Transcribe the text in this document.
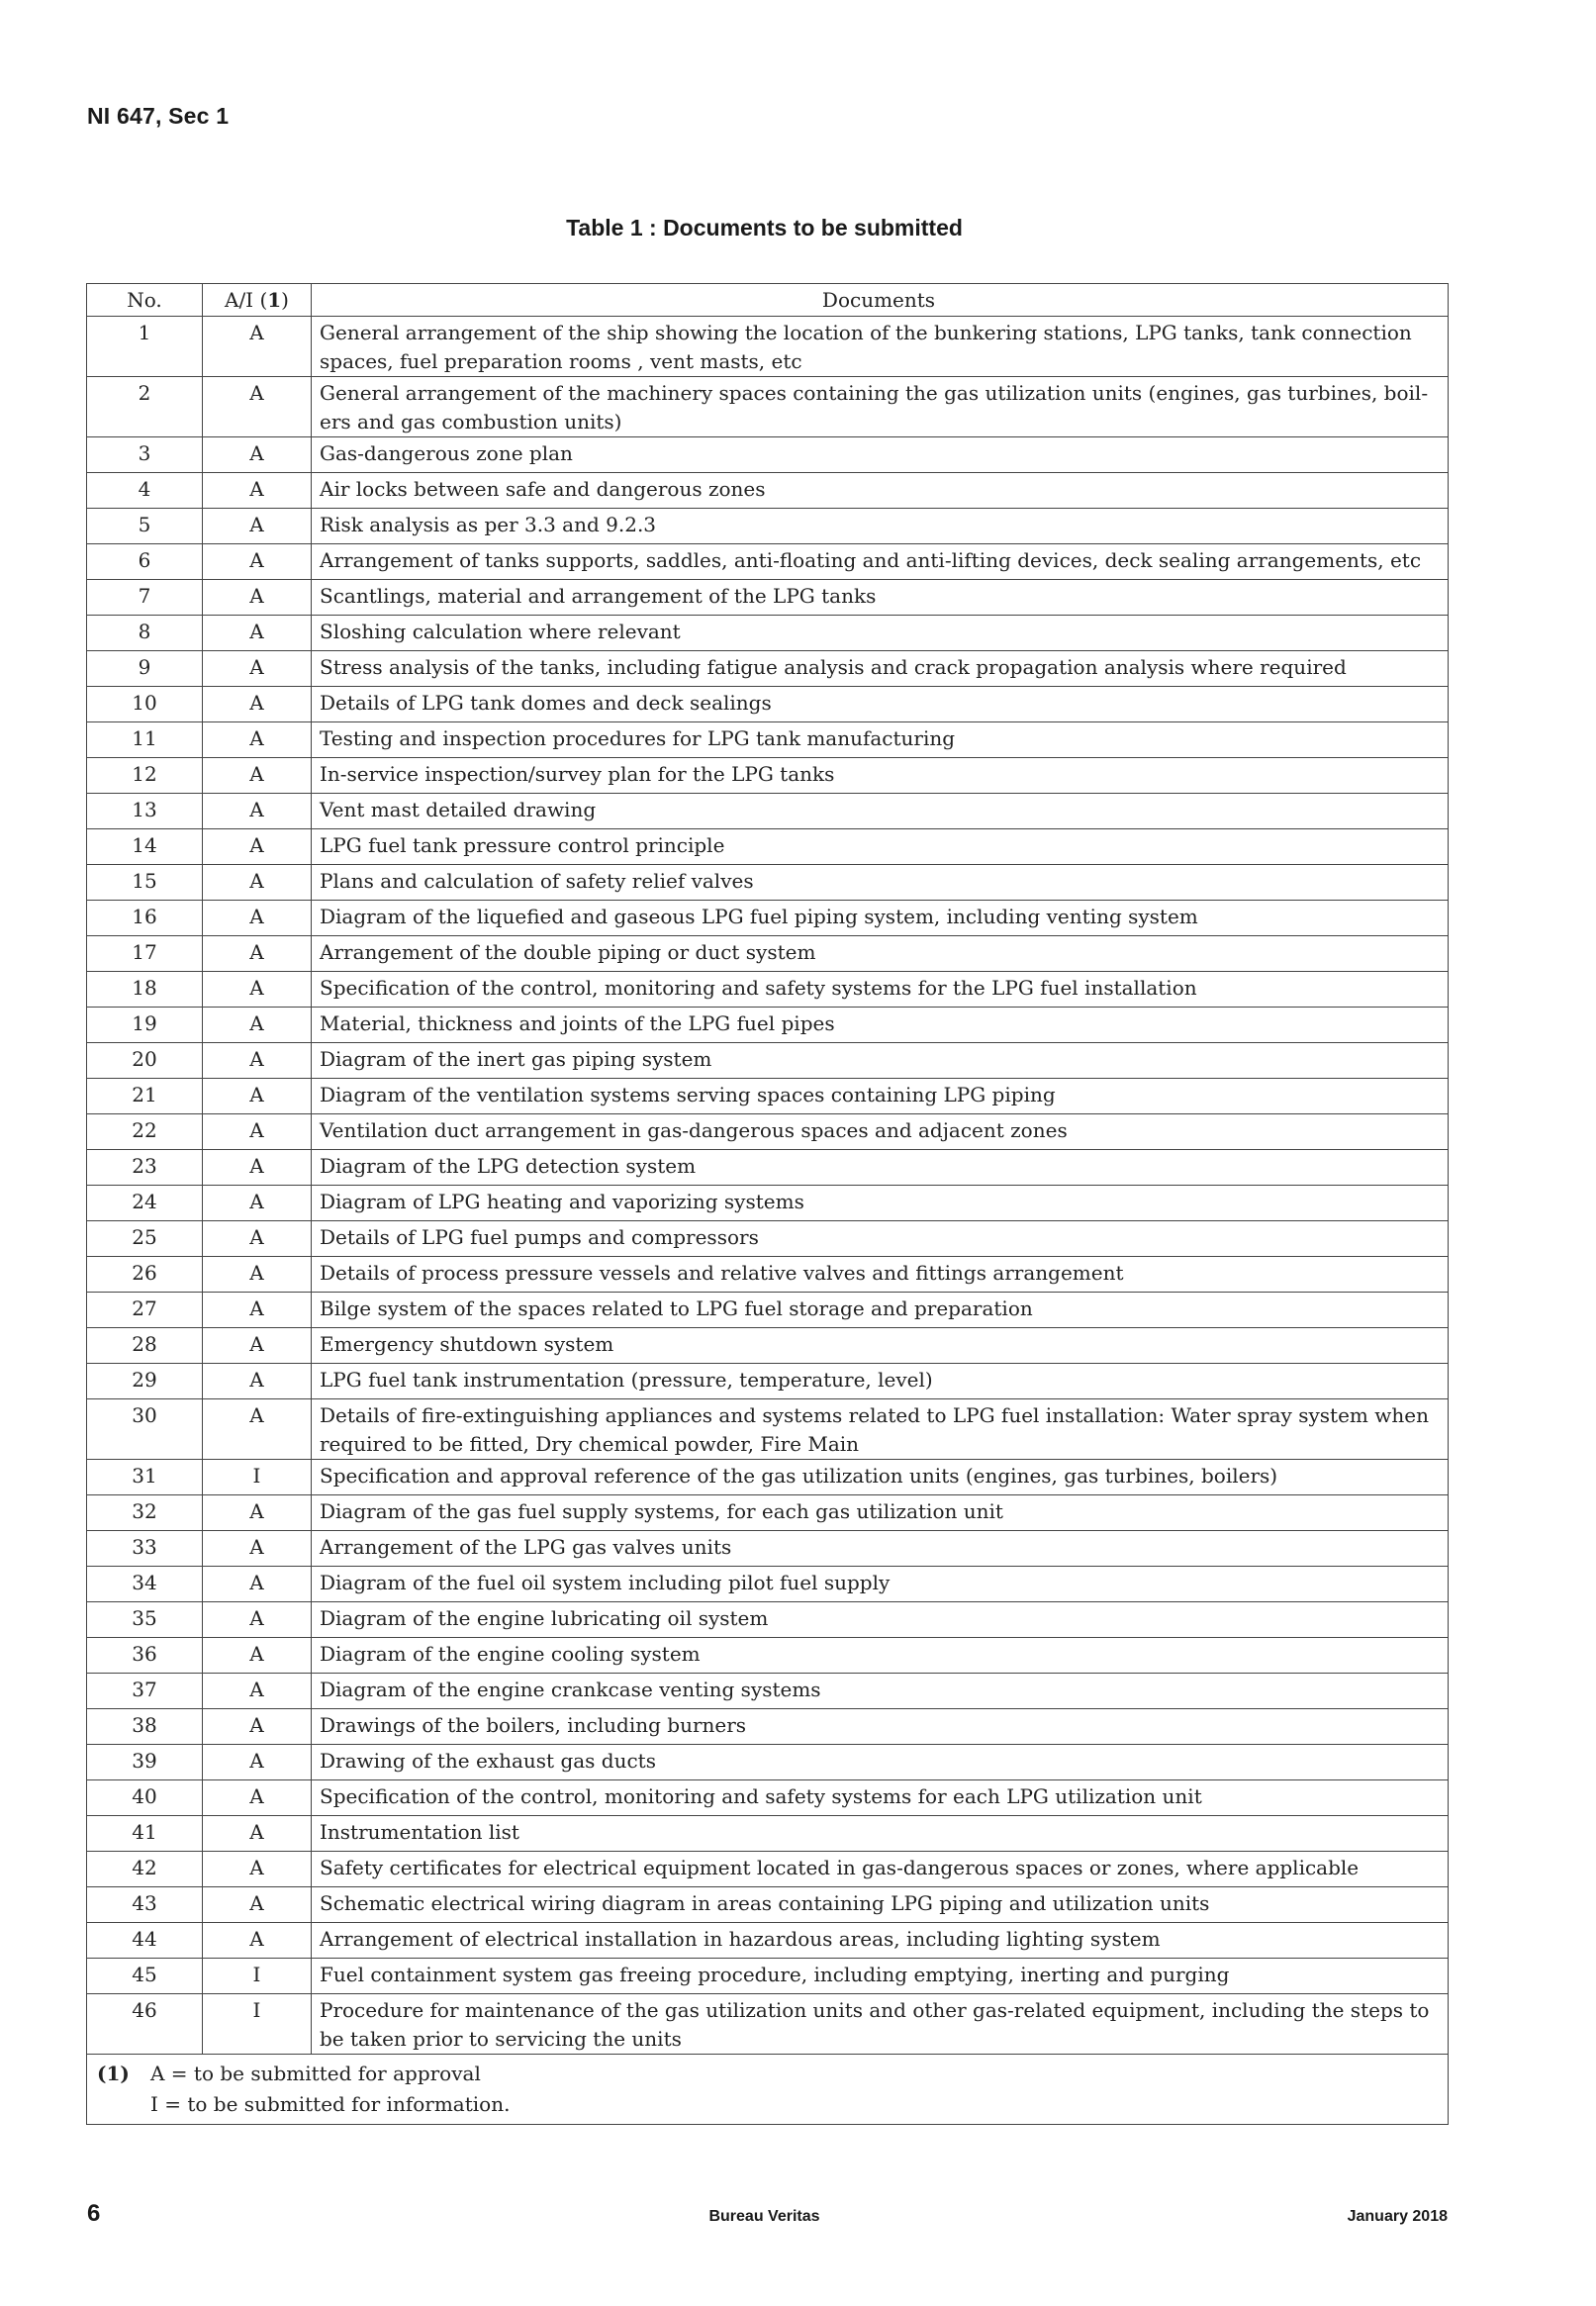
NI 647, Sec 1
Table 1 : Documents to be submitted
No.	A/I (1)	Documents
1	A	General arrangement of the ship showing the location of the bunkering stations, LPG tanks, tank connection spaces, fuel preparation rooms , vent masts, etc
2	A	General arrangement of the machinery spaces containing the gas utilization units (engines, gas turbines, boil-ers and gas combustion units)
3	A	Gas-dangerous zone plan
4	A	Air locks between safe and dangerous zones
5	A	Risk analysis as per 3.3 and 9.2.3
6	A	Arrangement of tanks supports, saddles, anti-floating and anti-lifting devices, deck sealing arrangements, etc
7	A	Scantlings, material and arrangement of the LPG tanks
8	A	Sloshing calculation where relevant
9	A	Stress analysis of the tanks, including fatigue analysis and crack propagation analysis where required
10	A	Details of LPG tank domes and deck sealings
11	A	Testing and inspection procedures for LPG tank manufacturing
12	A	In-service inspection/survey plan for the LPG tanks
13	A	Vent mast detailed drawing
14	A	LPG fuel tank pressure control principle
15	A	Plans and calculation of safety relief valves
16	A	Diagram of the liquefied and gaseous LPG fuel piping system, including venting system
17	A	Arrangement of the double piping or duct system
18	A	Specification of the control, monitoring and safety systems for the LPG fuel installation
19	A	Material, thickness and joints of the LPG fuel pipes
20	A	Diagram of the inert gas piping system
21	A	Diagram of the ventilation systems serving spaces containing LPG piping
22	A	Ventilation duct arrangement in gas-dangerous spaces and adjacent zones
23	A	Diagram of the LPG detection system
24	A	Diagram of LPG heating and vaporizing systems
25	A	Details of LPG fuel pumps and compressors
26	A	Details of process pressure vessels and relative valves and fittings arrangement
27	A	Bilge system of the spaces related to LPG fuel storage and preparation
28	A	Emergency shutdown system
29	A	LPG fuel tank instrumentation (pressure, temperature, level)
30	A	Details of fire-extinguishing appliances and systems related to LPG fuel installation: Water spray system when required to be fitted, Dry chemical powder, Fire Main
31	I	Specification and approval reference of the gas utilization units (engines, gas turbines, boilers)
32	A	Diagram of the gas fuel supply systems, for each gas utilization unit
33	A	Arrangement of the LPG gas valves units
34	A	Diagram of the fuel oil system including pilot fuel supply
35	A	Diagram of the engine lubricating oil system
36	A	Diagram of the engine cooling system
37	A	Diagram of the engine crankcase venting systems
38	A	Drawings of the boilers, including burners
39	A	Drawing of the exhaust gas ducts
40	A	Specification of the control, monitoring and safety systems for each LPG utilization unit
41	A	Instrumentation list
42	A	Safety certificates for electrical equipment located in gas-dangerous spaces or zones, where applicable
43	A	Schematic electrical wiring diagram in areas containing LPG piping and utilization units
44	A	Arrangement of electrical installation in hazardous areas, including lighting system
45	I	Fuel containment system gas freeing procedure, including emptying, inerting and purging
46	I	Procedure for maintenance of the gas utilization units and other gas-related equipment, including the steps to be taken prior to servicing the units

(1) A = to be submitted for approval
I = to be submitted for information.		
6	Bureau Veritas	January 2018
